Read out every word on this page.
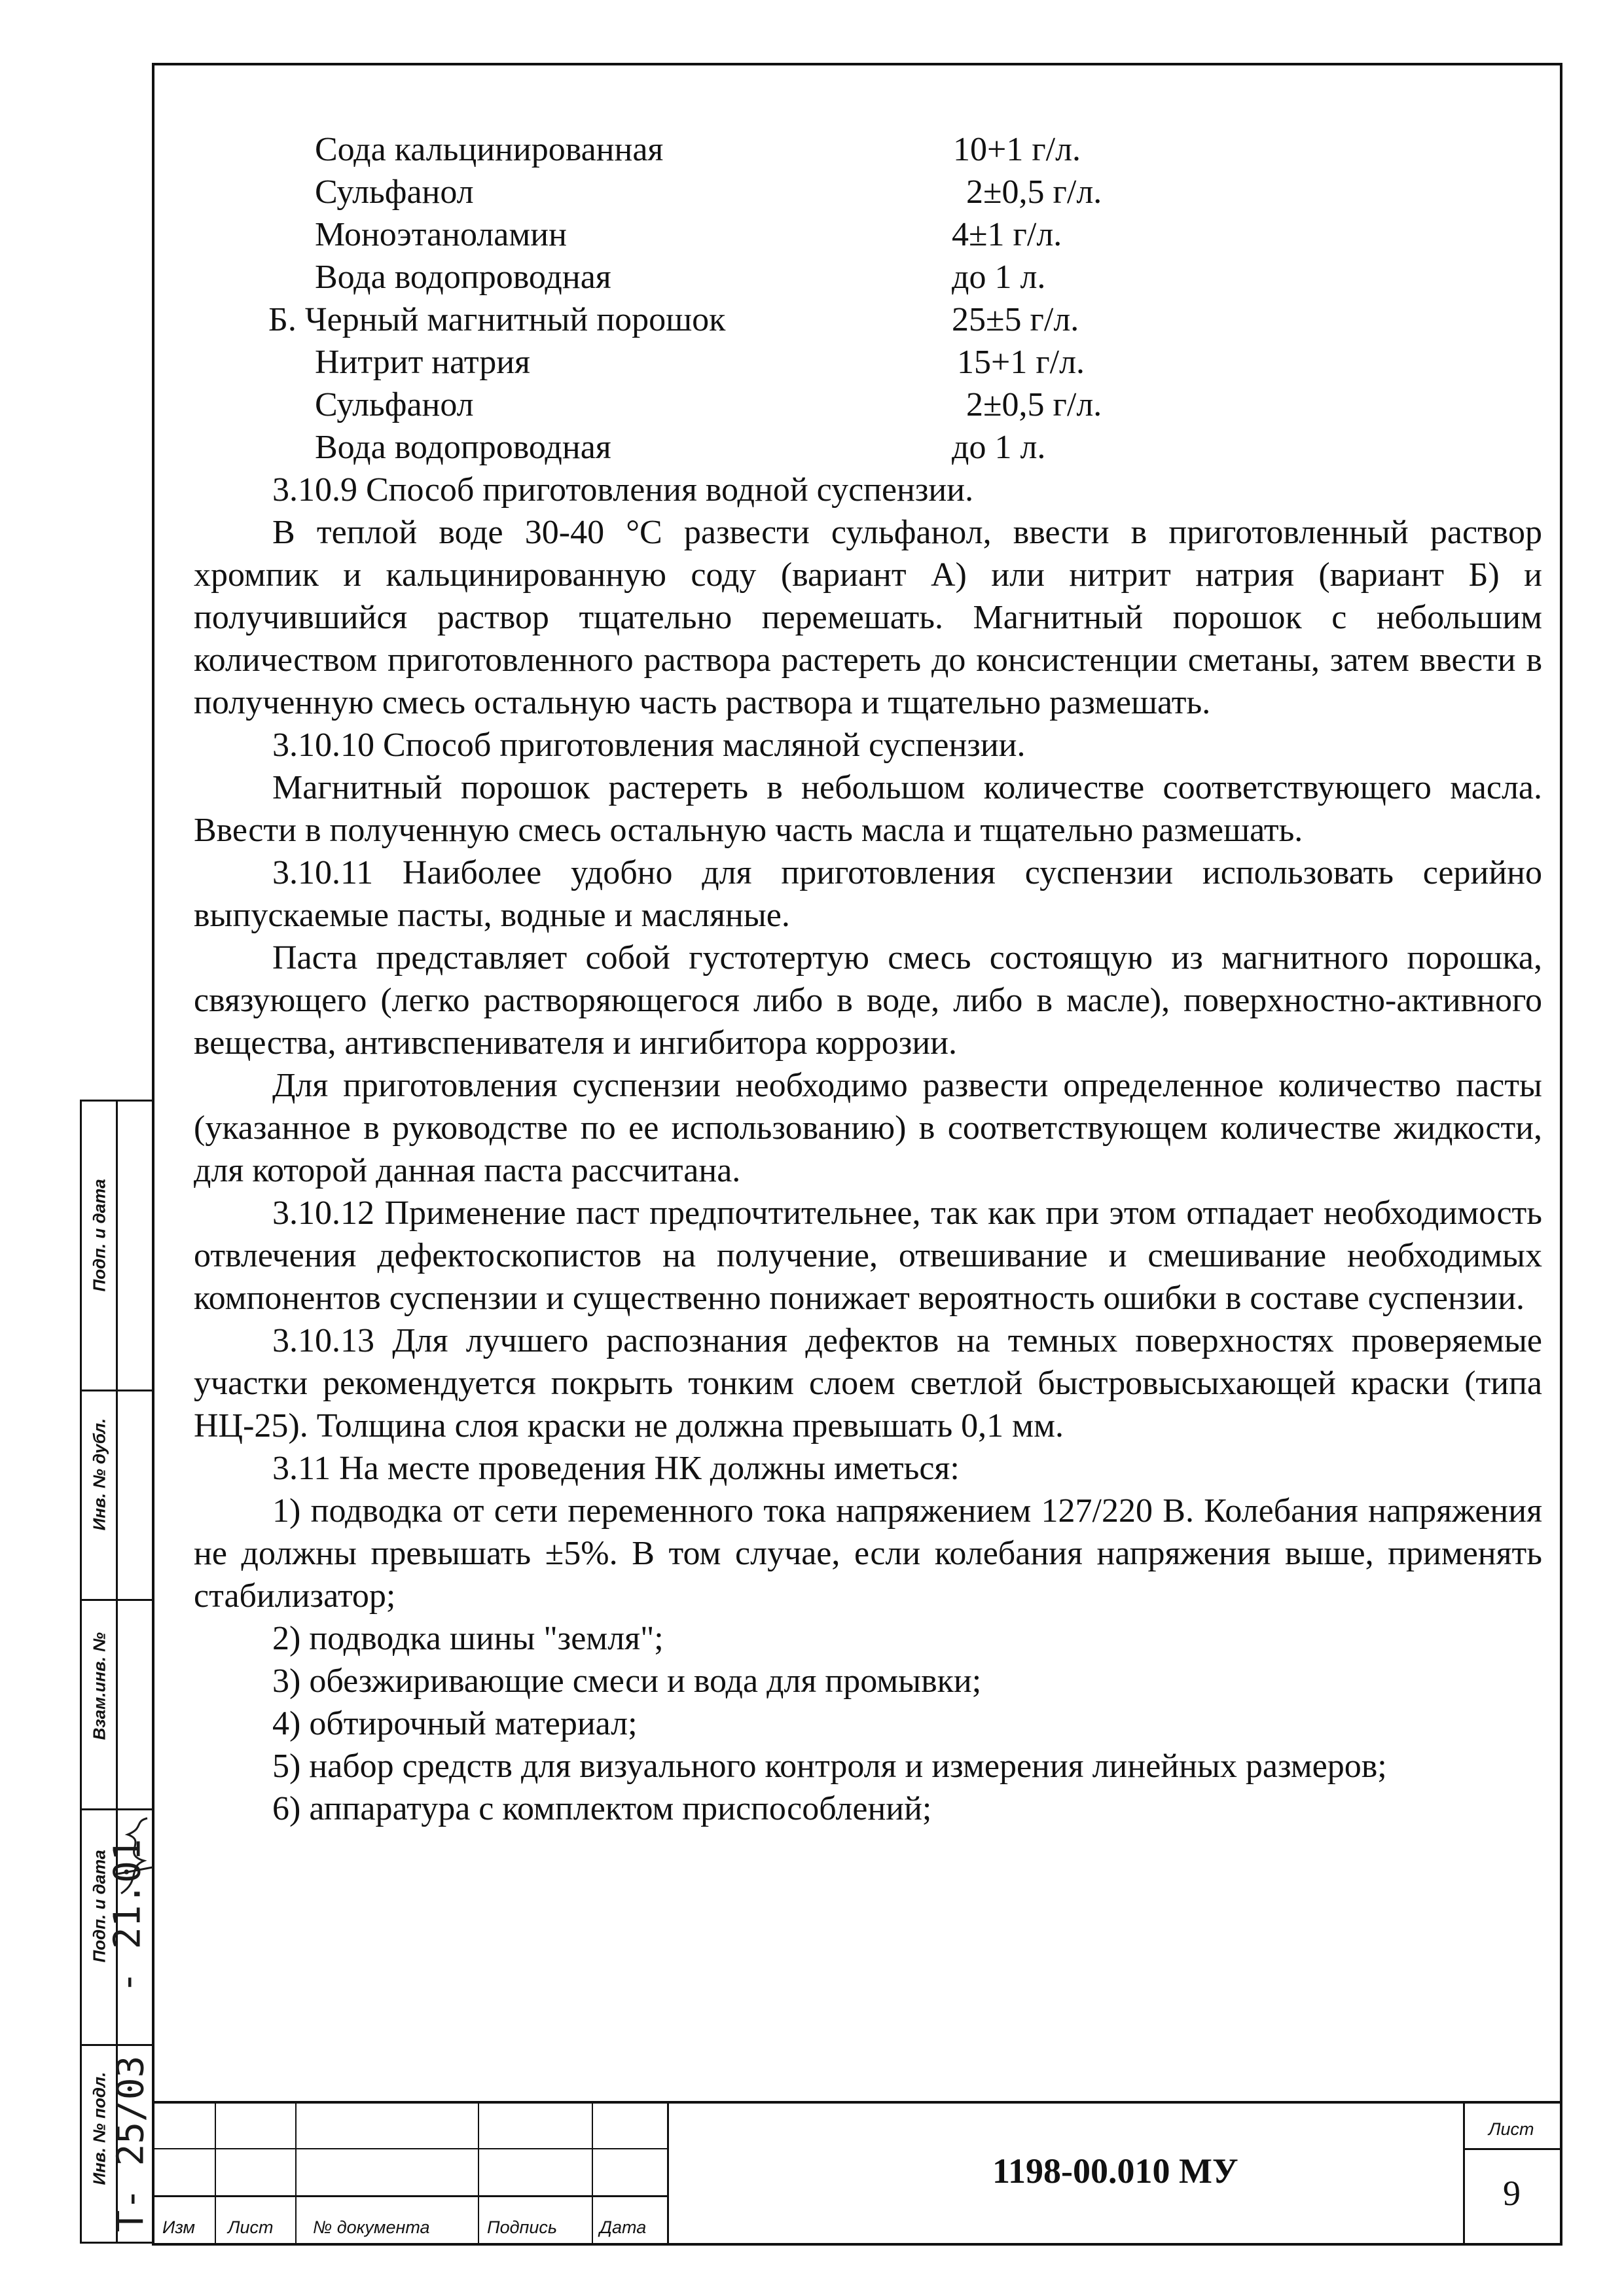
Сода кальцинированная	10+1 г/л.
Сульфанол	2±0,5 г/л.
Моноэтаноламин	4±1 г/л.
Вода водопроводная	до 1 л.
Б. Черный магнитный порошок	25±5 г/л.
Нитрит натрия	15+1 г/л.
Сульфанол	2±0,5 г/л.
Вода водопроводная	до 1 л.

3.10.9 Способ приготовления водной суспензии.

В теплой воде 30-40 °С развести сульфанол, ввести в приготовленный раствор хромпик и кальцинированную соду (вариант А) или нитрит натрия (вариант Б) и получившийся раствор тщательно перемешать. Магнитный порошок с небольшим количеством приготовленного раствора растереть до консистенции сметаны, затем ввести в полученную смесь остальную часть раствора и тщательно размешать.

3.10.10 Способ приготовления масляной суспензии.

Магнитный порошок растереть в небольшом количестве соответствующего масла. Ввести в полученную смесь остальную часть масла и тщательно размешать.

3.10.11 Наиболее удобно для приготовления суспензии использовать серийно выпускаемые пасты, водные и масляные.

Паста представляет собой густотертую смесь состоящую из магнитного порошка, связующего (легко растворяющегося либо в воде, либо в масле), поверхностно-активного вещества, антивспенивателя и ингибитора коррозии.

Для приготовления суспензии необходимо развести определенное количество пасты (указанное в руководстве по ее использованию) в соответствующем количестве жидкости, для которой данная паста рассчитана.

3.10.12 Применение паст предпочтительнее, так как при этом отпадает необходимость отвлечения дефектоскопистов на получение, отвешивание и смешивание необходимых компонентов суспензии и существенно понижает вероятность ошибки в составе суспензии.

3.10.13 Для лучшего распознания дефектов на темных поверхностях проверяемые участки рекомендуется покрыть тонким слоем светлой быстровысыхающей краски (типа НЦ-25). Толщина слоя краски не должна превышать 0,1 мм.

3.11 На месте проведения НК должны иметься:

1) подводка от сети переменного тока напряжением 127/220 В. Колебания напряжения не должны превышать ±5%. В том случае, если колебания напряжения выше, применять стабилизатор;

2) подводка шины "земля";

3) обезжиривающие смеси и вода для промывки;

4) обтирочный материал;

5) набор средств для визуального контроля и измерения линейных размеров;

6) аппаратура с комплектом приспособлений;

Подп. и дата
Инв. № дубл.
Взам.инв. №
Подп. и дата
Инв. № подл.
- 21.01
Т- 25/03 Изм Лист № документа	Подпись Дата
1198-00.010 МУ
Лист
9
